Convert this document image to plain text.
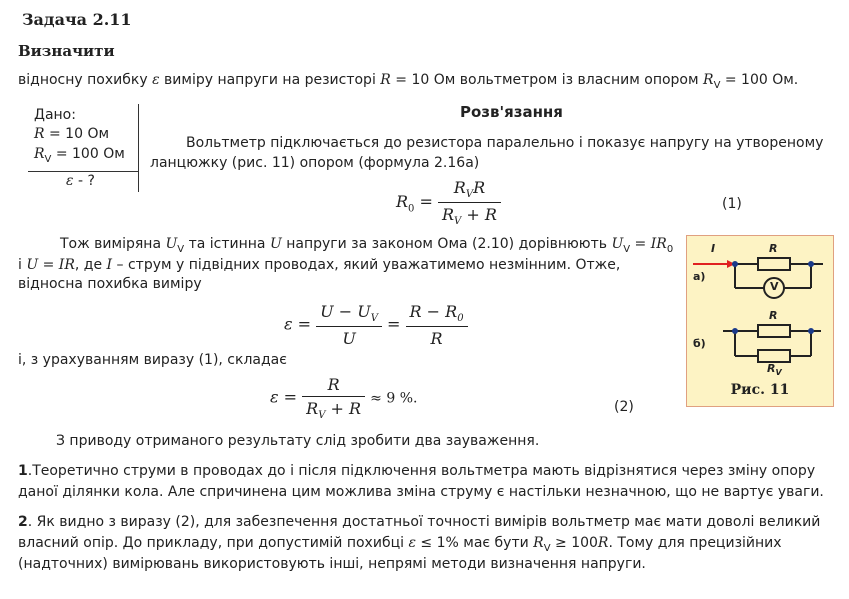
Задача 2.11
Визначити
відносну похибку ε виміру напруги на резисторі R = 10 Ом вольтметром із власним опором $R_V = 100$ Ом.
Дано:
R = 10 Ом
$R_V = 100$ Ом
ε - ?
Розв'язання
Вольтметр підключається до резистора паралельно і показує напругу на утвореному
ланцюжку (рис. 11) опором (формула 2.16а)
$R_0 = \frac{R_VR}{R_V + R}$	(1)
Тож виміряна $U_V$ та істинна U напруги за законом Ома (2.10) дорівнюють $U_V = IR_0$
і U = IR, де I – струм у підвідних проводах, який уважатимемо незмінним. Отже,
відносна похибка виміру
$\varepsilon = \frac{U - U_V}{U} = \frac{R - R_0}{R}$
і, з урахуванням виразу (1), складає
$\varepsilon = \frac{R}{R_V + R} \approx 9$ %.
(2)
З приводу отриманого результату слід зробити два зауваження.
1.Теоретично струми в проводах до і після підключення вольтметра мають відрізнятися через зміну опору
даної ділянки кола. Але спричинена цим можлива зміна струму є настільки незначною, що не вартує уваги.
2. Як видно з виразу (2), для забезпечення достатньої точності вимірів вольтметр має мати доволі великий
власний опір. До прикладу, при допустимій похибці ε ≤ 1% має бути $R_V \ge 100R$. Тому для прецизійних
(надточних) вимірювань використовують інші, непрямі методи визначення напруги.
I
а)
б)
R
V
R
$R_V$
Рис. 11
